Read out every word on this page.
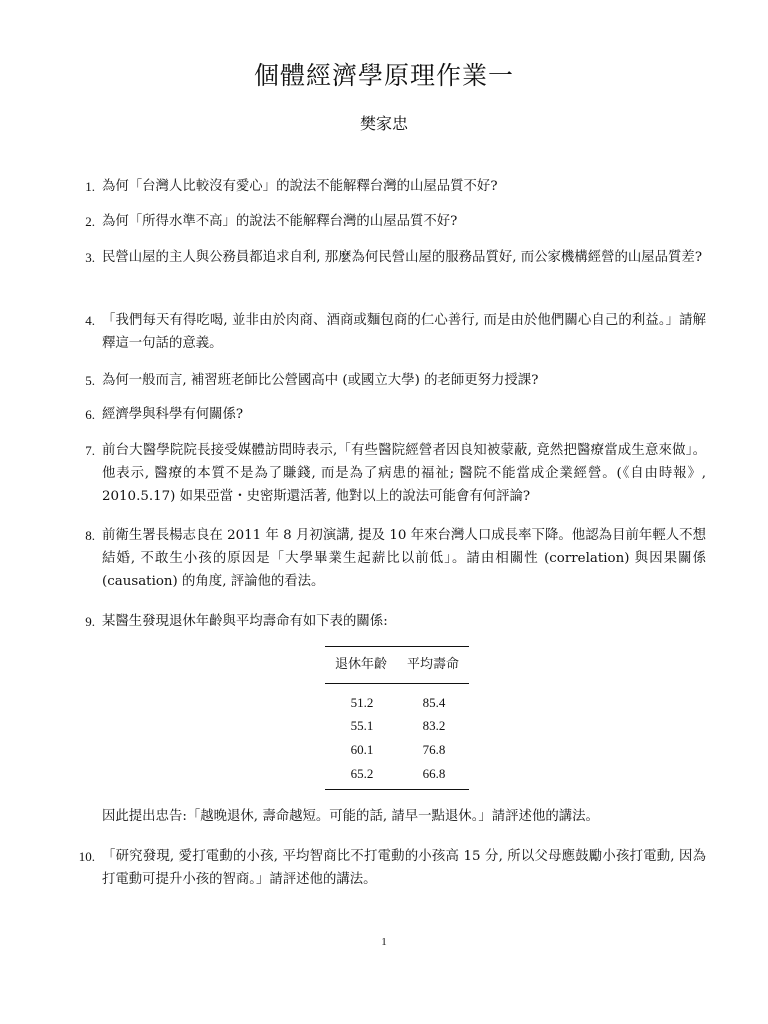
個體經濟學原理作業一
樊家忠
1. 為何「台灣人比較沒有愛心」的說法不能解釋台灣的山屋品質不好?
2. 為何「所得水準不高」的說法不能解釋台灣的山屋品質不好?
3. 民營山屋的主人與公務員都追求自利, 那麼為何民營山屋的服務品質好, 而公家機構經營的山屋品質差?
4. 「我們每天有得吃喝, 並非由於肉商、酒商或麵包商的仁心善行, 而是由於他們關心自己的利益。」請解釋這一句話的意義。
5. 為何一般而言, 補習班老師比公營國高中 (或國立大學) 的老師更努力授課?
6. 經濟學與科學有何關係?
7. 前台大醫學院院長接受媒體訪問時表示,「有些醫院經營者因良知被蒙蔽, 竟然把醫療當成生意來做」。他表示, 醫療的本質不是為了賺錢, 而是為了病患的福祉; 醫院不能當成企業經營。(《自由時報》, 2010.5.17) 如果亞當・史密斯還活著, 他對以上的說法可能會有何評論?
8. 前衛生署長楊志良在 2011 年 8 月初演講, 提及 10 年來台灣人口成長率下降。他認為目前年輕人不想結婚, 不敢生小孩的原因是「大學畢業生起薪比以前低」。請由相關性 (correlation) 與因果關係 (causation) 的角度, 評論他的看法。
9. 某醫生發現退休年齡與平均壽命有如下表的關係:
退休年齡 平均壽命
51.2	85.4
55.1	83.2
60.1	76.8
65.2	66.8
因此提出忠告:「越晚退休, 壽命越短。可能的話, 請早一點退休。」請評述他的講法。
10. 「研究發現, 愛打電動的小孩, 平均智商比不打電動的小孩高 15 分, 所以父母應鼓勵小孩打電動, 因為打電動可提升小孩的智商。」請評述他的講法。
1
